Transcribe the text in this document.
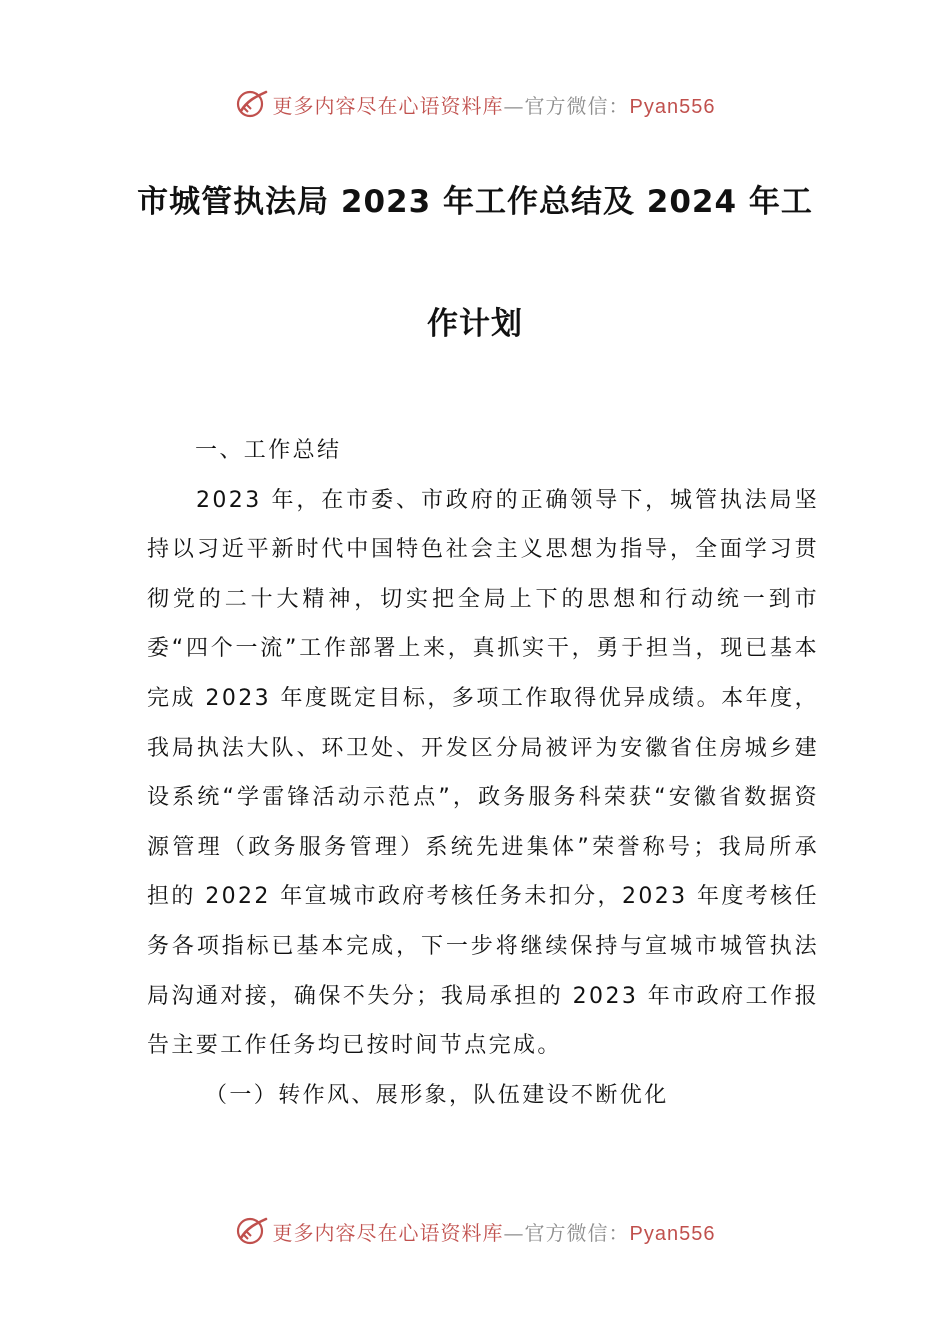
更多内容尽在心语资料库—官方微信：Pyan556
市城管执法局 2023 年工作总结及 2024 年工
作计划

一、工作总结

2023 年，在市委、市政府的正确领导下，城管执法局坚持以习近平新时代中国特色社会主义思想为指导，全面学习贯彻党的二十大精神，切实把全局上下的思想和行动统一到市委“四个一流”工作部署上来，真抓实干，勇于担当，现已基本完成 2023 年度既定目标，多项工作取得优异成绩。本年度，我局执法大队、环卫处、开发区分局被评为安徽省住房城乡建设系统“学雷锋活动示范点”，政务服务科荣获“安徽省数据资源管理（政务服务管理）系统先进集体”荣誉称号；我局所承担的 2022 年宣城市政府考核任务未扣分，2023 年度考核任务各项指标已基本完成，下一步将继续保持与宣城市城管执法局沟通对接，确保不失分；我局承担的 2023 年市政府工作报告主要工作任务均已按时间节点完成。

（一）转作风、展形象，队伍建设不断优化

更多内容尽在心语资料库—官方微信：Pyan556
